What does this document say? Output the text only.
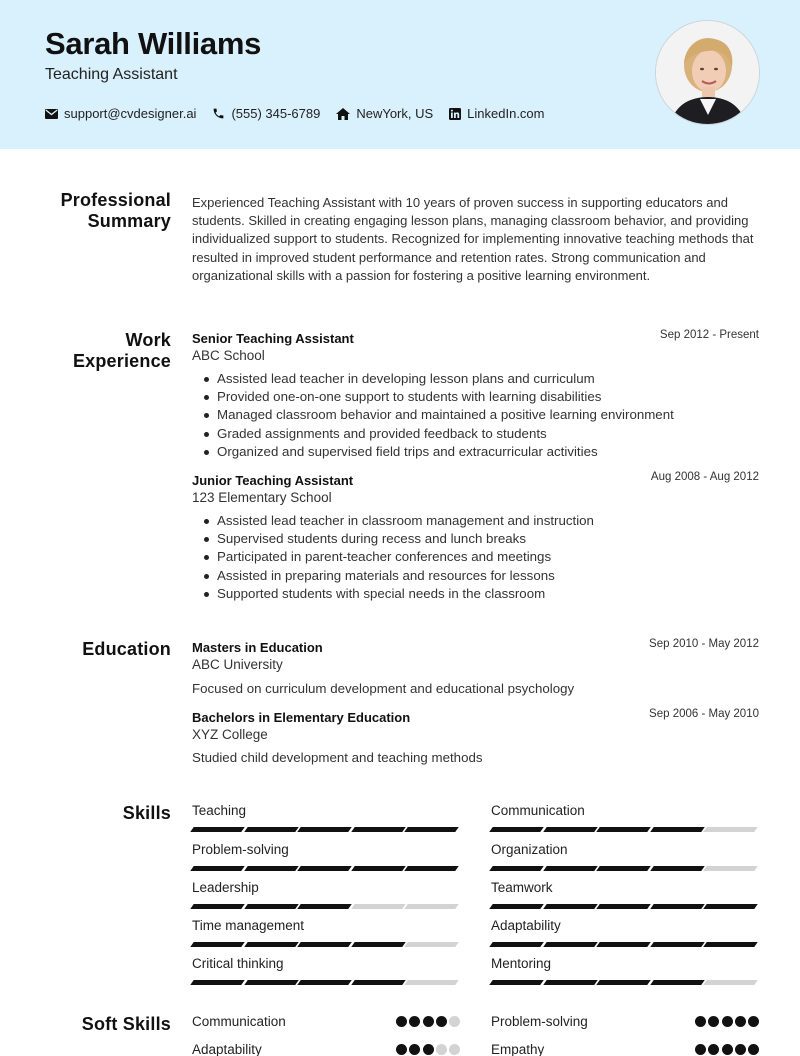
Sarah Williams
Teaching Assistant
support@cvdesigner.ai	(555) 345-6789	NewYork, US	LinkedIn.com
Professional
Summary
Experienced Teaching Assistant with 10 years of proven success in supporting educators and students. Skilled in creating engaging lesson plans, managing classroom behavior, and providing individualized support to students. Recognized for implementing innovative teaching methods that resulted in improved student performance and retention rates. Strong communication and organizational skills with a passion for fostering a positive learning environment.
Work
Experience
Senior Teaching Assistant	Sep 2012 - Present
ABC School
Assisted lead teacher in developing lesson plans and curriculum
Provided one-on-one support to students with learning disabilities
Managed classroom behavior and maintained a positive learning environment
Graded assignments and provided feedback to students
Organized and supervised field trips and extracurricular activities
Junior Teaching Assistant	Aug 2008 - Aug 2012
123 Elementary School
Assisted lead teacher in classroom management and instruction
Supervised students during recess and lunch breaks
Participated in parent-teacher conferences and meetings
Assisted in preparing materials and resources for lessons
Supported students with special needs in the classroom
Education Masters in Education	Sep 2010 - May 2012
ABC University
Focused on curriculum development and educational psychology
Bachelors in Elementary Education	Sep 2006 - May 2010
XYZ College
Studied child development and teaching methods
Skills Teaching	Communication
Problem-solving	Organization
Leadership	Teamwork
Time management	Adaptability
Critical thinking	Mentoring
Soft Skills Communication	Problem-solving
Adaptability	Empathy
